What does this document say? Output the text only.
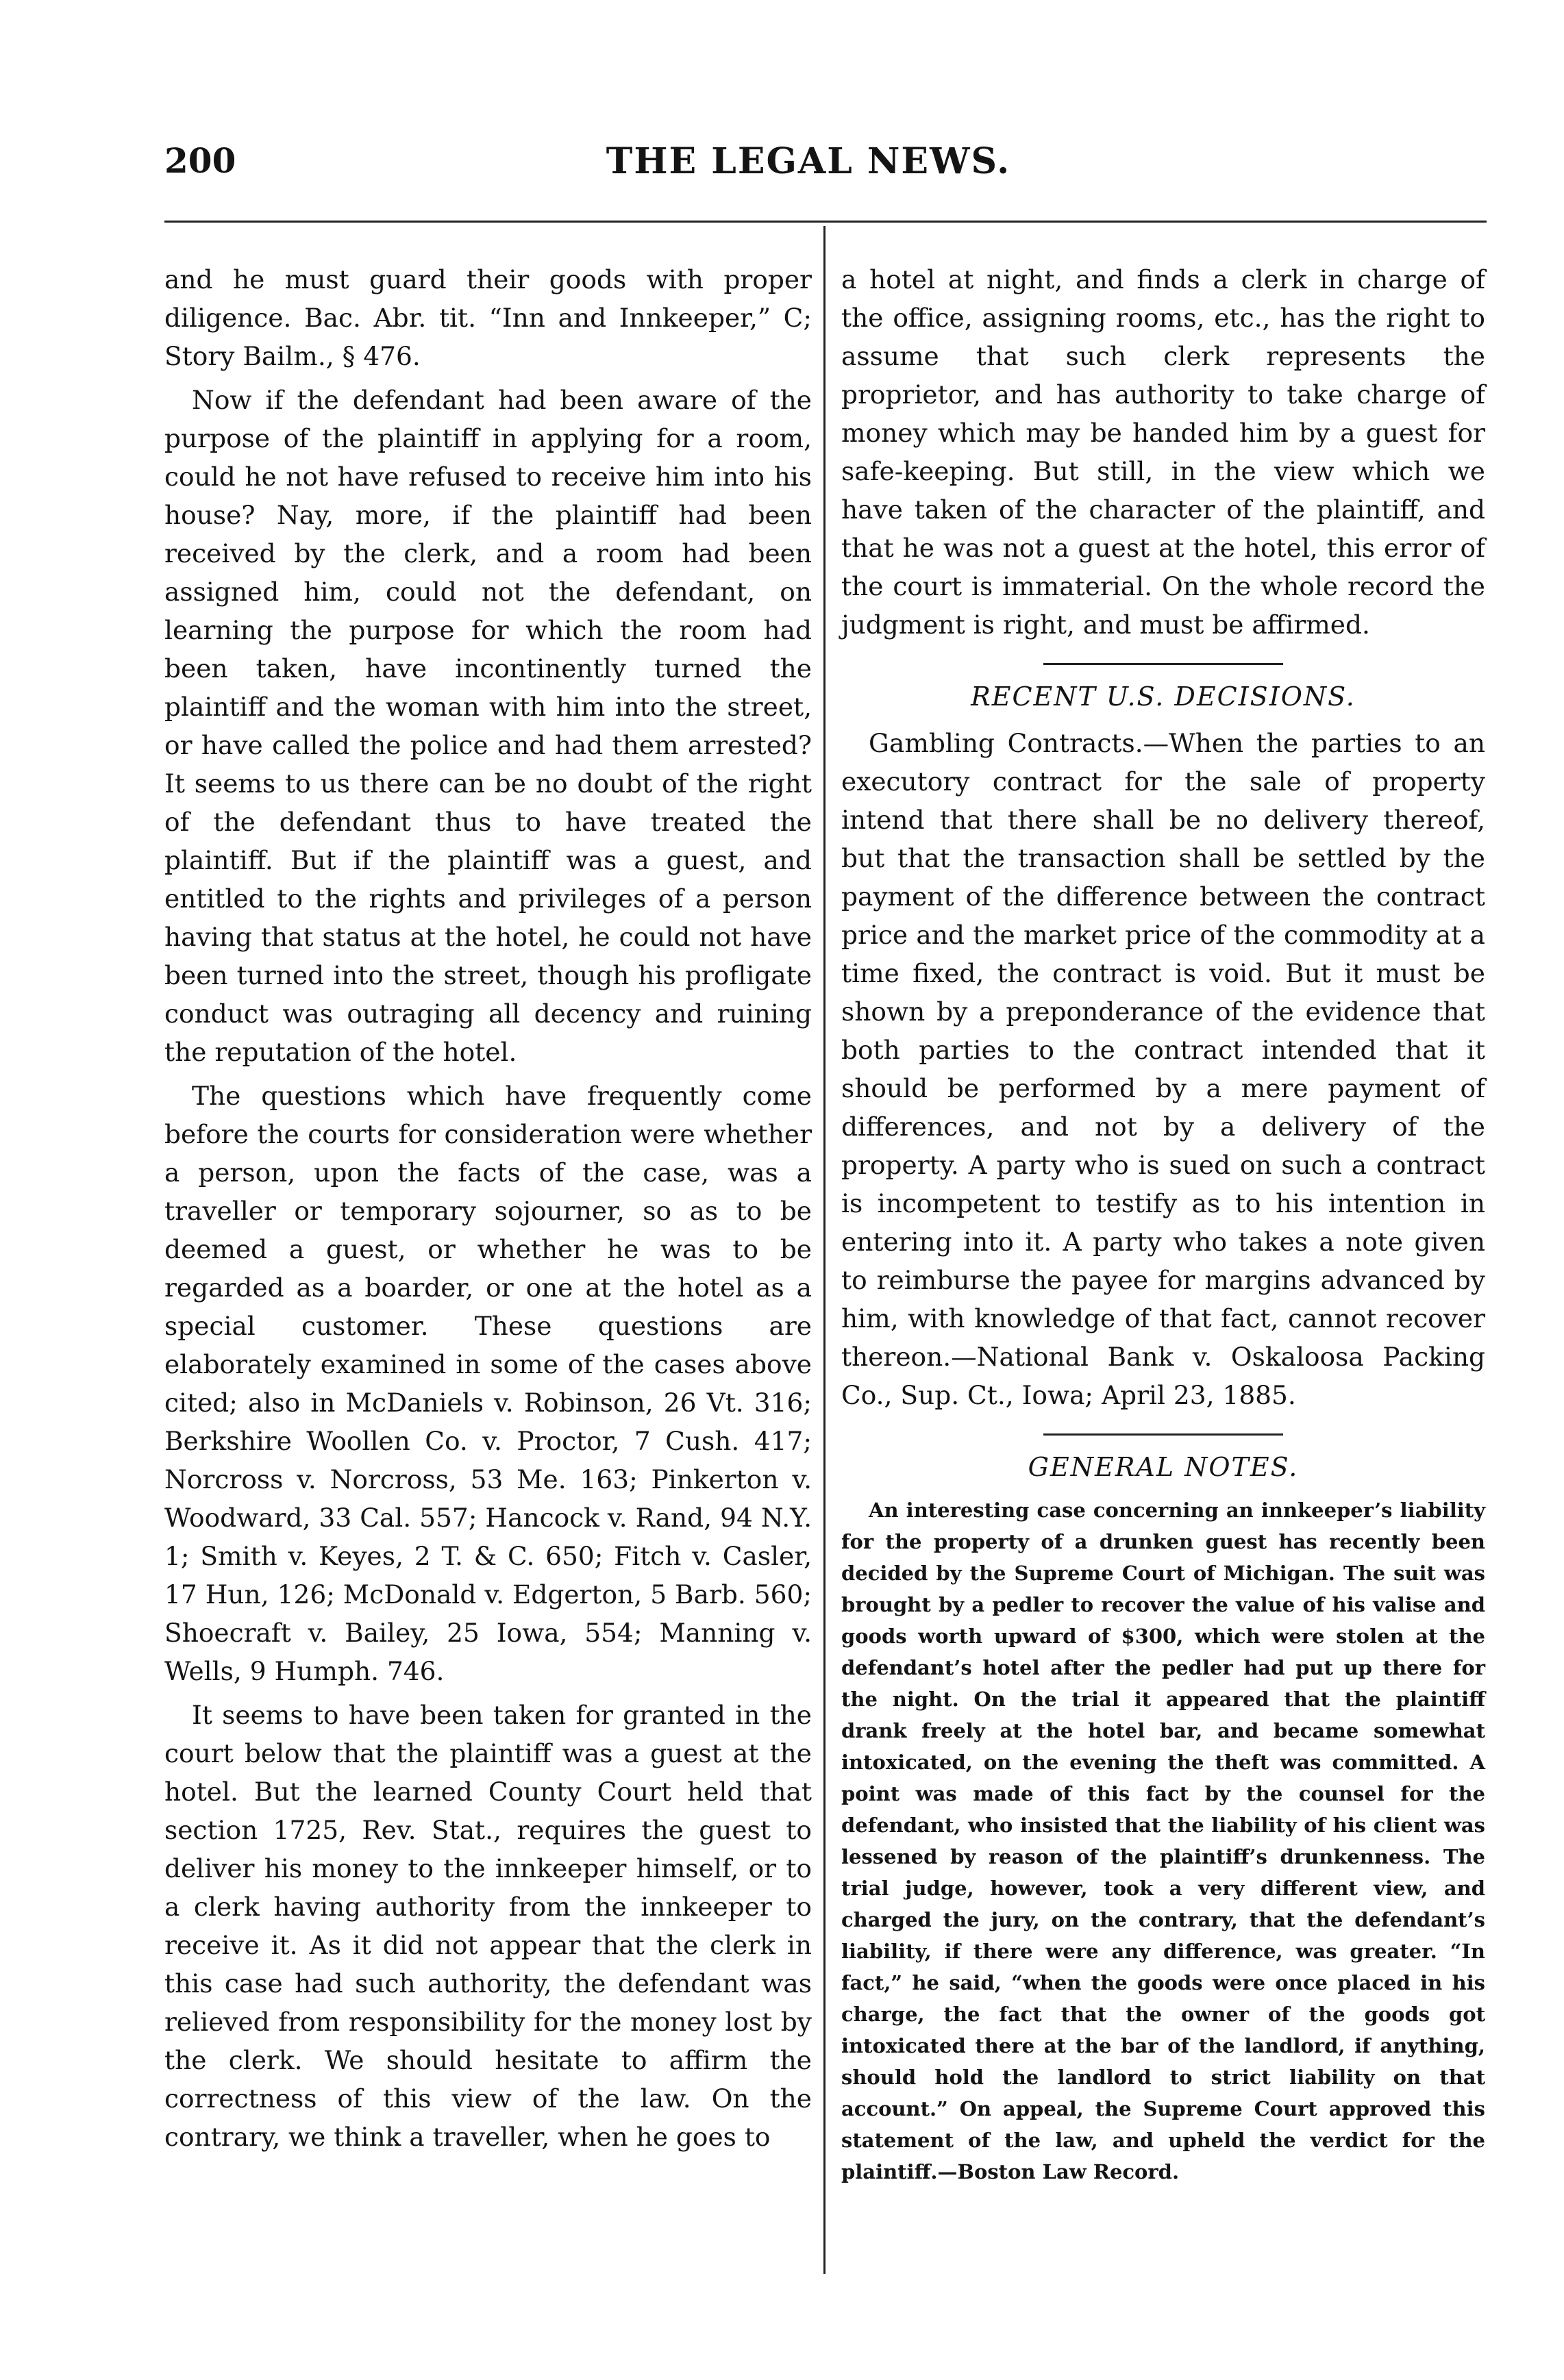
200	THE LEGAL NEWS.

and he must guard their goods with proper diligence. Bac. Abr. tit. “Inn and Innkeeper,” C; Story Bailm., § 476.

Now if the defendant had been aware of the purpose of the plaintiff in applying for a room, could he not have refused to receive him into his house? Nay, more, if the plaintiff had been received by the clerk, and a room had been assigned him, could not the defendant, on learning the purpose for which the room had been taken, have incontinently turned the plaintiff and the woman with him into the street, or have called the police and had them arrested? It seems to us there can be no doubt of the right of the defendant thus to have treated the plaintiff. But if the plaintiff was a guest, and entitled to the rights and privileges of a person having that status at the hotel, he could not have been turned into the street, though his profligate conduct was outraging all decency and ruining the reputation of the hotel.

The questions which have frequently come before the courts for consideration were whether a person, upon the facts of the case, was a traveller or temporary sojourner, so as to be deemed a guest, or whether he was to be regarded as a boarder, or one at the hotel as a special customer. These questions are elaborately examined in some of the cases above cited; also in McDaniels v. Robinson, 26 Vt. 316; Berkshire Woollen Co. v. Proctor, 7 Cush. 417; Norcross v. Norcross, 53 Me. 163; Pinkerton v. Woodward, 33 Cal. 557; Hancock v. Rand, 94 N.Y. 1; Smith v. Keyes, 2 T. & C. 650; Fitch v. Casler, 17 Hun, 126; McDonald v. Edgerton, 5 Barb. 560; Shoecraft v. Bailey, 25 Iowa, 554; Manning v. Wells, 9 Humph. 746.

It seems to have been taken for granted in the court below that the plaintiff was a guest at the hotel. But the learned County Court held that section 1725, Rev. Stat., requires the guest to deliver his money to the innkeeper himself, or to a clerk having authority from the innkeeper to receive it. As it did not appear that the clerk in this case had such authority, the defendant was relieved from responsibility for the money lost by the clerk. We should hesitate to affirm the correctness of this view of the law. On the contrary, we think a traveller, when he goes to

a hotel at night, and finds a clerk in charge of the office, assigning rooms, etc., has the right to assume that such clerk represents the proprietor, and has authority to take charge of money which may be handed him by a guest for safe-keeping. But still, in the view which we have taken of the character of the plaintiff, and that he was not a guest at the hotel, this error of the court is immaterial. On the whole record the judgment is right, and must be affirmed.

RECENT U.S. DECISIONS.

Gambling Contracts.—When the parties to an executory contract for the sale of property intend that there shall be no delivery thereof, but that the transaction shall be settled by the payment of the difference between the contract price and the market price of the commodity at a time fixed, the contract is void. But it must be shown by a preponderance of the evidence that both parties to the contract intended that it should be performed by a mere payment of differences, and not by a delivery of the property. A party who is sued on such a contract is incompetent to testify as to his intention in entering into it. A party who takes a note given to reimburse the payee for margins advanced by him, with knowledge of that fact, cannot recover thereon.—National Bank v. Oskaloosa Packing Co., Sup. Ct., Iowa; April 23, 1885.

GENERAL NOTES.

An interesting case concerning an innkeeper’s liability for the property of a drunken guest has recently been decided by the Supreme Court of Michigan. The suit was brought by a pedler to recover the value of his valise and goods worth upward of $300, which were stolen at the defendant’s hotel after the pedler had put up there for the night. On the trial it appeared that the plaintiff drank freely at the hotel bar, and became somewhat intoxicated, on the evening the theft was committed. A point was made of this fact by the counsel for the defendant, who insisted that the liability of his client was lessened by reason of the plaintiff’s drunkenness. The trial judge, however, took a very different view, and charged the jury, on the contrary, that the defendant’s liability, if there were any difference, was greater. “In fact,” he said, “when the goods were once placed in his charge, the fact that the owner of the goods got intoxicated there at the bar of the landlord, if anything, should hold the landlord to strict liability on that account.” On appeal, the Supreme Court approved this statement of the law, and upheld the verdict for the plaintiff.—Boston Law Record.
